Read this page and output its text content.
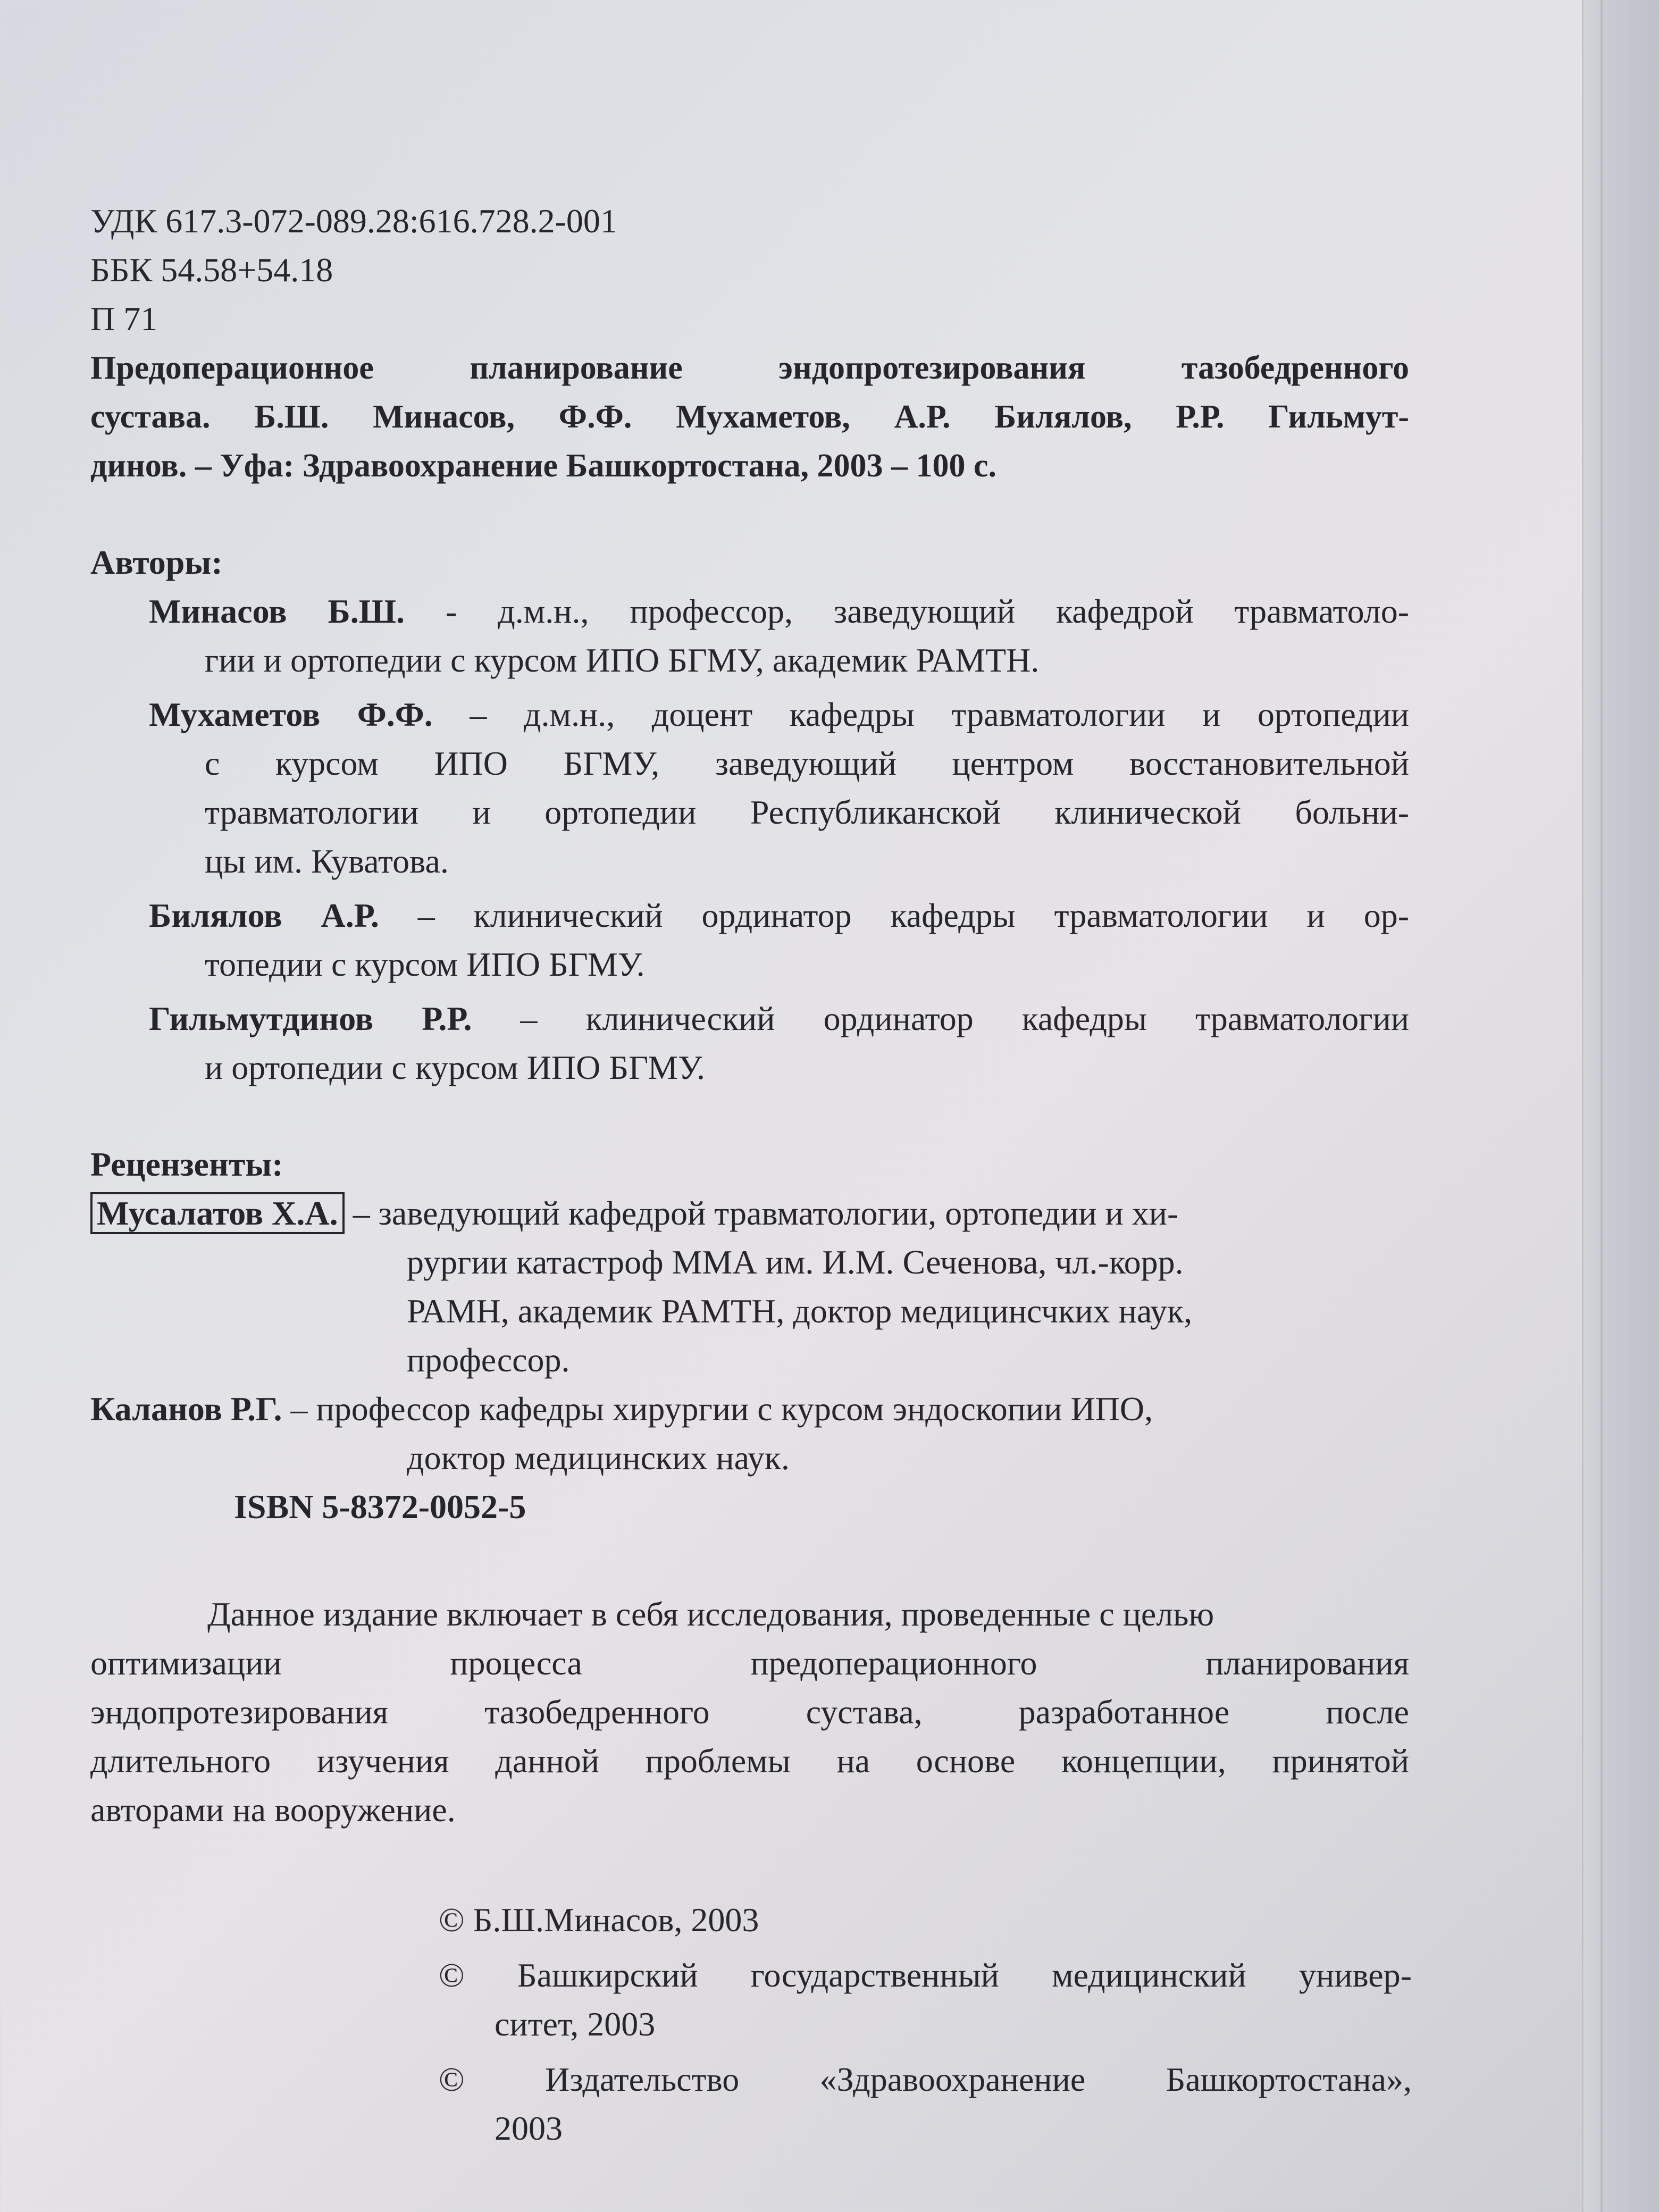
УДК 617.3-072-089.28:616.728.2-001
ББК 54.58+54.18
П 71
Предоперационное планирование эндопротезирования тазобедренного
сустава. Б.Ш. Минасов, Ф.Ф. Мухаметов, А.Р. Билялов, Р.Р. Гильмут-
динов. – Уфа: Здравоохранение Башкортостана, 2003 – 100 с.
Авторы:
Минасов Б.Ш. - д.м.н., профессор, заведующий кафедрой травматоло-
гии и ортопедии с курсом ИПО БГМУ, академик РАМТН.
Мухаметов Ф.Ф. – д.м.н., доцент кафедры травматологии и ортопедии
с курсом ИПО БГМУ, заведующий центром восстановительной
травматологии и ортопедии Республиканской клинической больни-
цы им. Куватова.
Билялов А.Р. – клинический ординатор кафедры травматологии и ор-
топедии с курсом ИПО БГМУ.
Гильмутдинов Р.Р. – клинический ординатор кафедры травматологии
и ортопедии с курсом ИПО БГМУ.
Рецензенты:
Мусалатов Х.А. – заведующий кафедрой травматологии, ортопедии и хи-
рургии катастроф ММА им. И.М. Сеченова, чл.-корр.
РАМН, академик РАМТН, доктор медицинсчких наук,
профессор.
Каланов Р.Г. – профессор кафедры хирургии с курсом эндоскопии ИПО,
доктор медицинских наук.
ISBN 5-8372-0052-5
Данное издание включает в себя исследования, проведенные с целью
оптимизации процесса предоперационного планирования
эндопротезирования тазобедренного сустава, разработанное после
длительного изучения данной проблемы на основе концепции, принятой
авторами на вооружение.
© Б.Ш.Минасов, 2003
© Башкирский государственный медицинский универ-
ситет, 2003
© Издательство «Здравоохранение Башкортостана»,
2003
